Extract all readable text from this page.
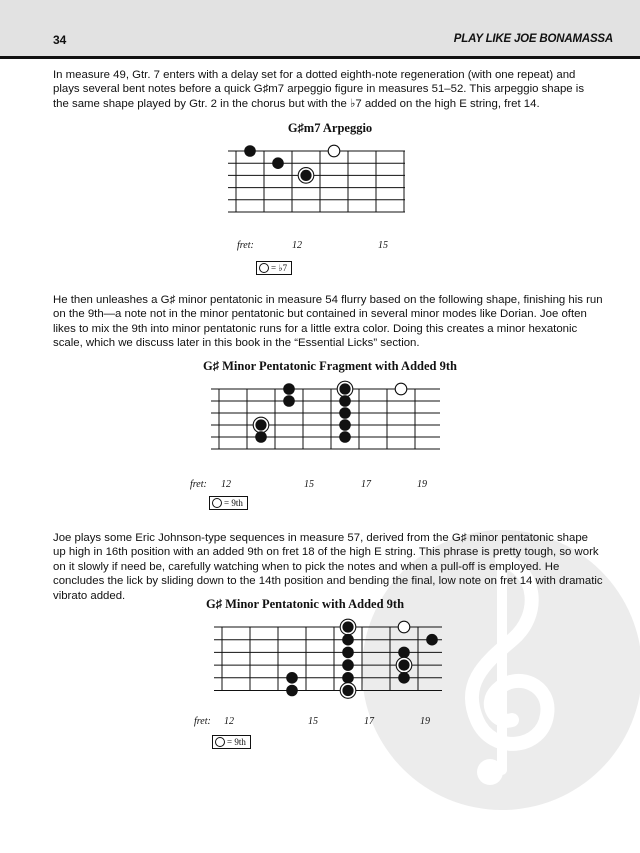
34	PLAY LIKE JOE BONAMASSA

In measure 49, Gtr. 7 enters with a delay set for a dotted eighth-note regeneration (with one repeat) and plays several bent notes before a quick G♯m7 arpeggio figure in measures 51–52. This arpeggio shape is the same shape played by Gtr. 2 in the chorus but with the ♭7 added on the high E string, fret 14.

G♯m7 Arpeggio
fret:	12	15
= ♭7

He then unleashes a G♯ minor pentatonic in measure 54 flurry based on the following shape, finishing his run on the 9th—a note not in the minor pentatonic but contained in several minor modes like Dorian. Joe often likes to mix the 9th into minor pentatonic runs for a little extra color. Doing this creates a minor hexatonic scale, which we discuss later in this book in the “Essential Licks” section.

G♯ Minor Pentatonic Fragment with Added 9th
fret: 12	15	17	19
= 9th

Joe plays some Eric Johnson-type sequences in measure 57, derived from the G♯ minor pentatonic shape up high in 16th position with an added 9th on fret 18 of the high E string. This phrase is pretty tough, so work on it slowly if need be, carefully watching when to pick the notes and when a pull-off is employed. He concludes the lick by sliding down to the 14th position and bending the final, low note on fret 14 with dramatic vibrato added.

G♯ Minor Pentatonic with Added 9th
fret: 12	15	17	19
= 9th
